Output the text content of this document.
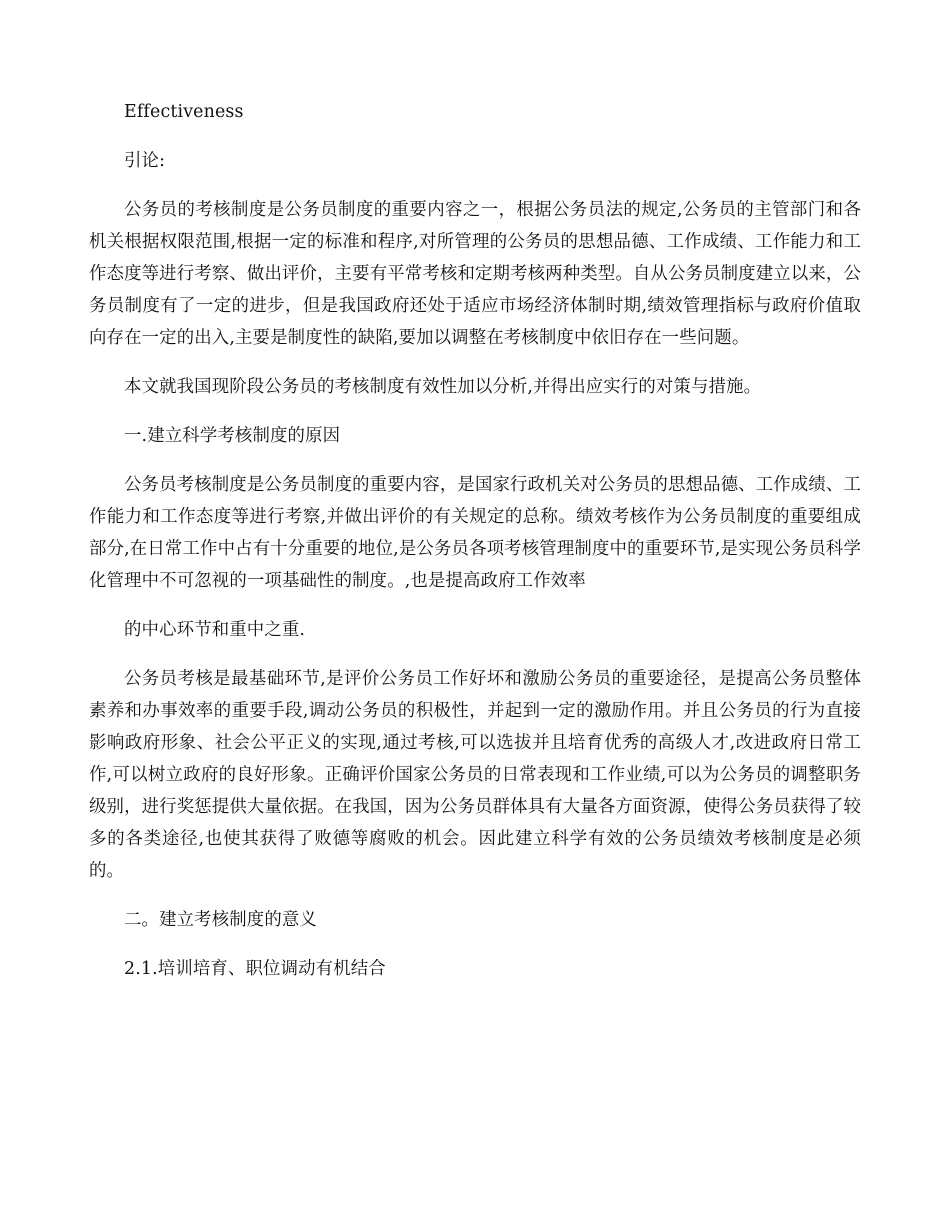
Effectiveness

引论:

公务员的考核制度是公务员制度的重要内容之一，根据公务员法的规定,公务员的主管部门和各机关根据权限范围,根据一定的标准和程序,对所管理的公务员的思想品德、工作成绩、工作能力和工作态度等进行考察、做出评价，主要有平常考核和定期考核两种类型。自从公务员制度建立以来，公务员制度有了一定的进步，但是我国政府还处于适应市场经济体制时期,绩效管理指标与政府价值取向存在一定的出入,主要是制度性的缺陷,要加以调整在考核制度中依旧存在一些问题。

本文就我国现阶段公务员的考核制度有效性加以分析,并得出应实行的对策与措施。

一.建立科学考核制度的原因

公务员考核制度是公务员制度的重要内容，是国家行政机关对公务员的思想品德、工作成绩、工作能力和工作态度等进行考察,并做出评价的有关规定的总称。绩效考核作为公务员制度的重要组成部分,在日常工作中占有十分重要的地位,是公务员各项考核管理制度中的重要环节,是实现公务员科学化管理中不可忽视的一项基础性的制度。,也是提高政府工作效率

的中心环节和重中之重.

公务员考核是最基础环节,是评价公务员工作好坏和激励公务员的重要途径，是提高公务员整体素养和办事效率的重要手段,调动公务员的积极性，并起到一定的激励作用。并且公务员的行为直接影响政府形象、社会公平正义的实现,通过考核,可以选拔并且培育优秀的高级人才,改进政府日常工作,可以树立政府的良好形象。正确评价国家公务员的日常表现和工作业绩,可以为公务员的调整职务级别，进行奖惩提供大量依据。在我国，因为公务员群体具有大量各方面资源，使得公务员获得了较多的各类途径,也使其获得了败德等腐败的机会。因此建立科学有效的公务员绩效考核制度是必须的。

二。建立考核制度的意义

2.1.培训培育、职位调动有机结合
